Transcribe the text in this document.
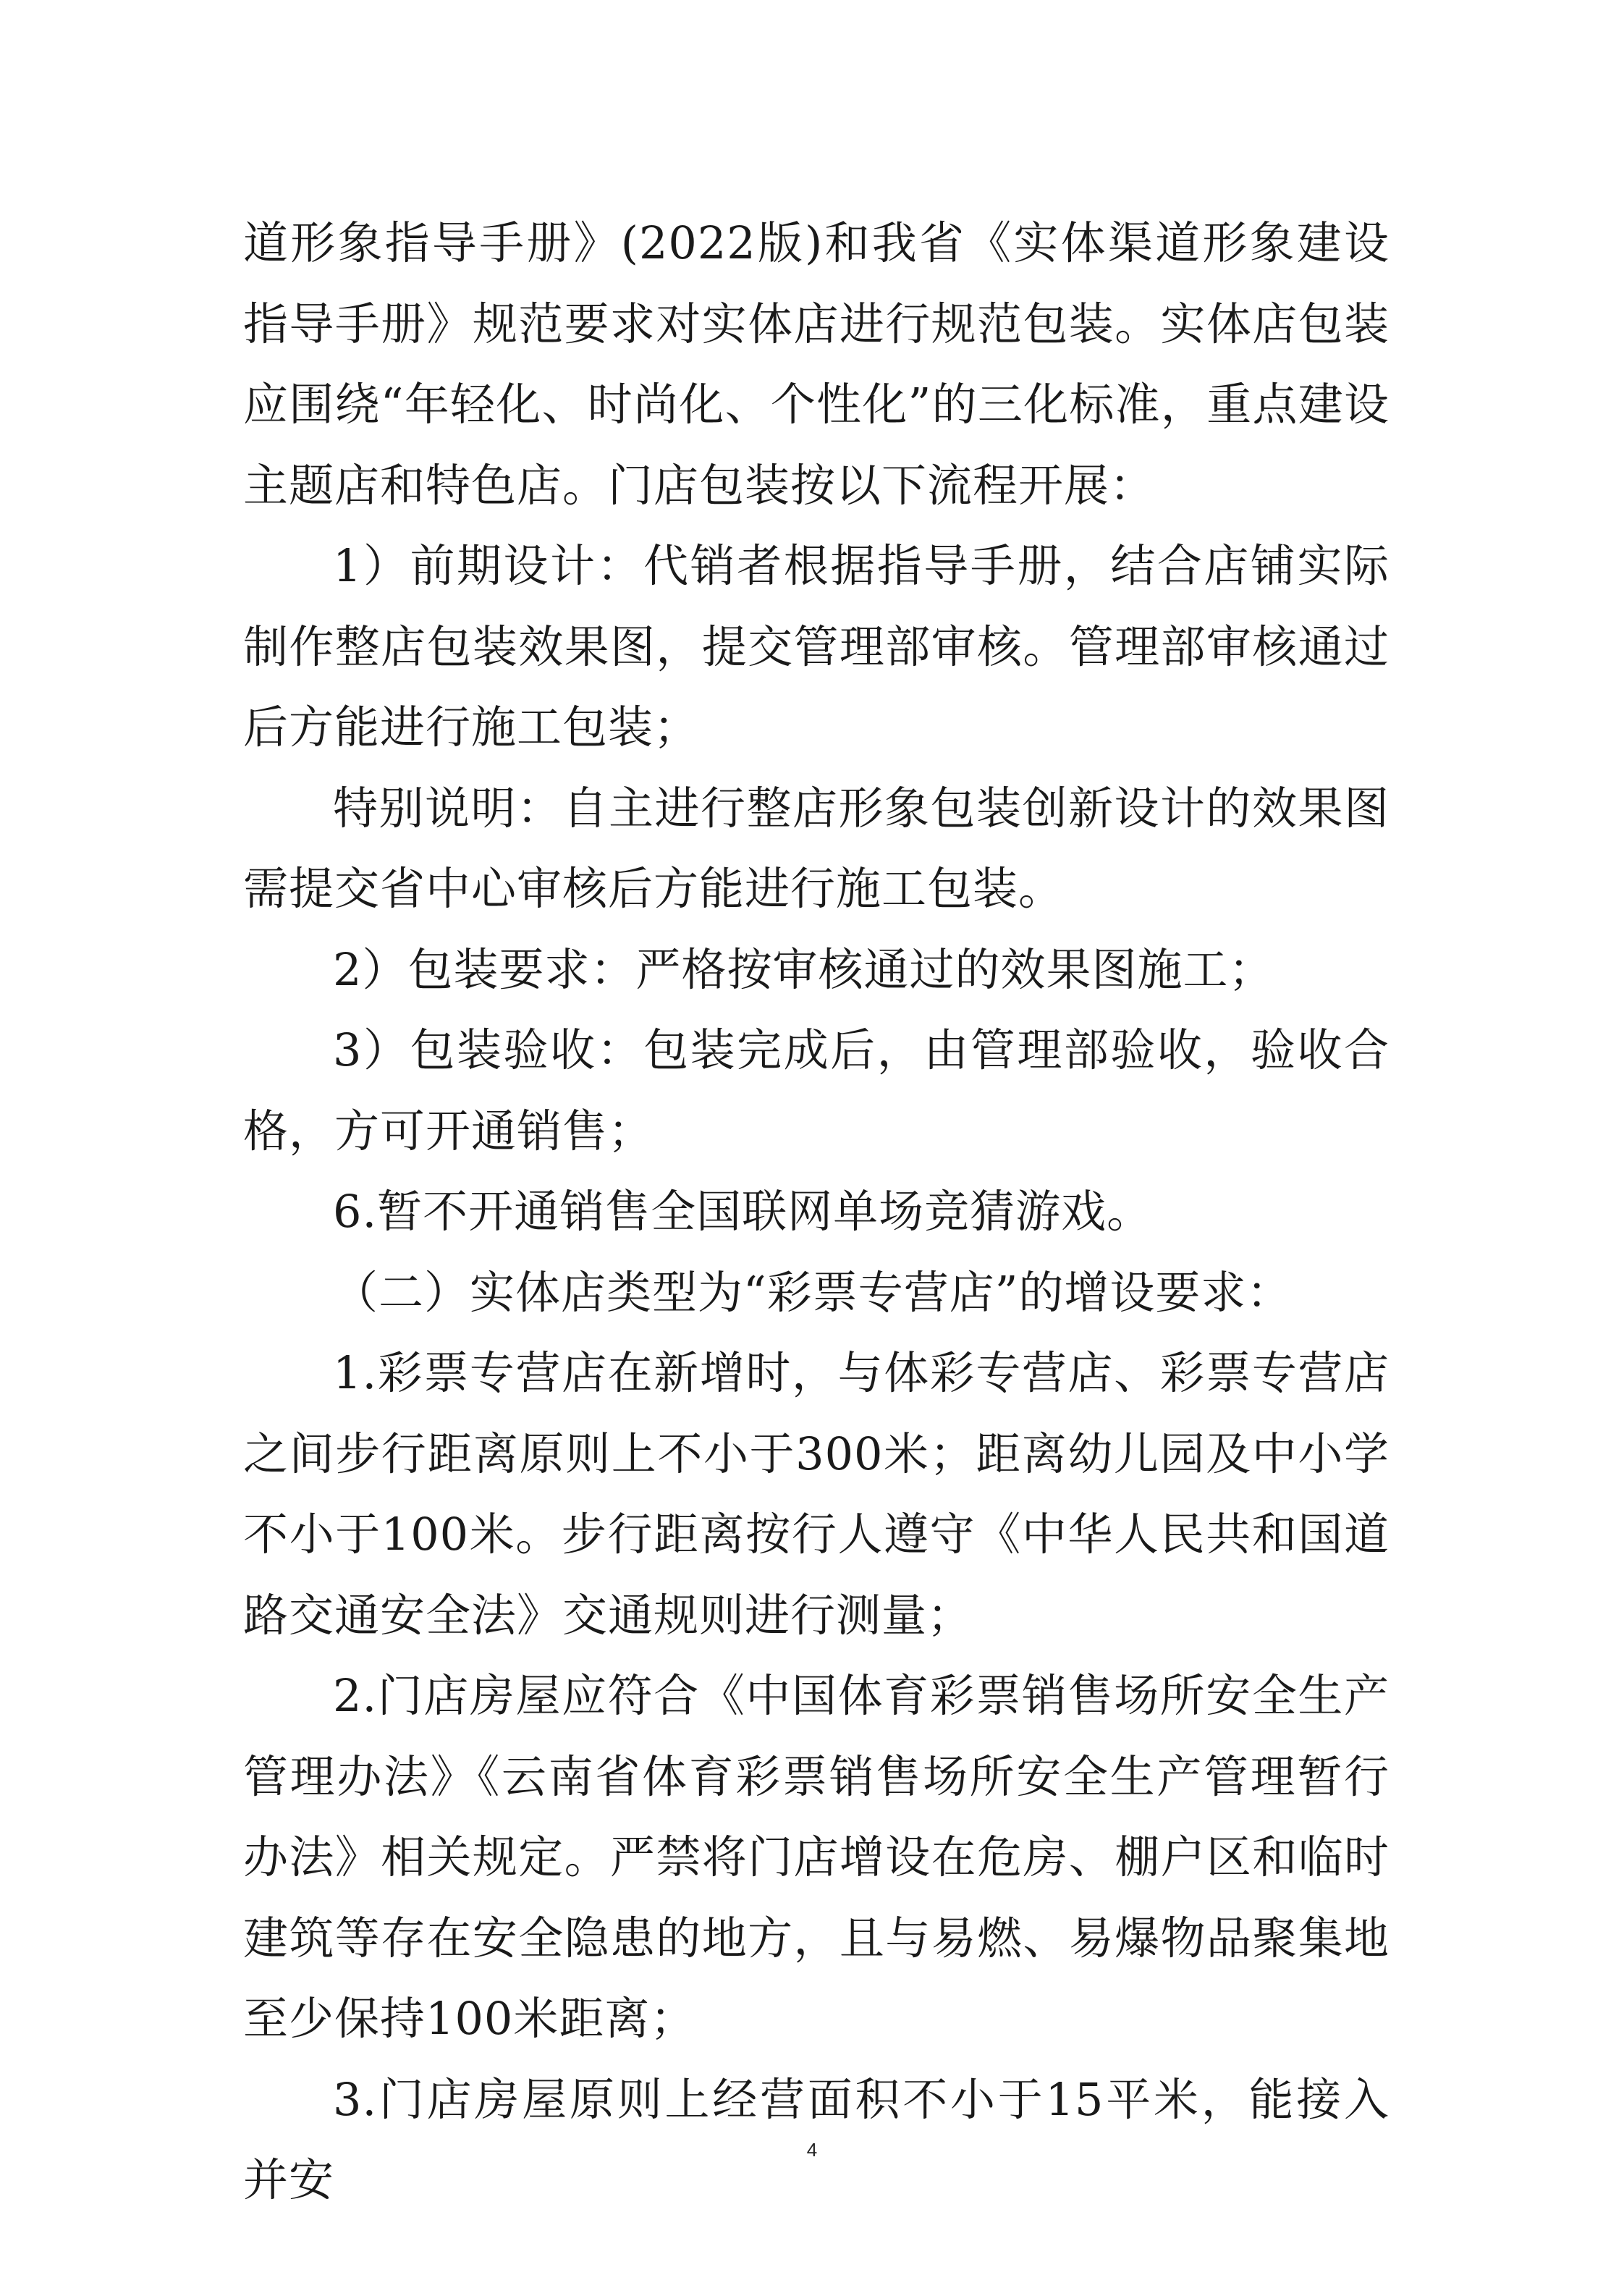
道形象指导手册》(2022版)和我省《实体渠道形象建设指导手册》规范要求对实体店进行规范包装。实体店包装应围绕“年轻化、时尚化、个性化”的三化标准，重点建设主题店和特色店。门店包装按以下流程开展：

1）前期设计：代销者根据指导手册，结合店铺实际制作整店包装效果图，提交管理部审核。管理部审核通过后方能进行施工包装；

特别说明：自主进行整店形象包装创新设计的效果图需提交省中心审核后方能进行施工包装。

2）包装要求：严格按审核通过的效果图施工；

3）包装验收：包装完成后，由管理部验收，验收合格，方可开通销售；

6.暂不开通销售全国联网单场竞猜游戏。

（二）实体店类型为“彩票专营店”的增设要求：

1.彩票专营店在新增时，与体彩专营店、彩票专营店之间步行距离原则上不小于300米；距离幼儿园及中小学不小于100米。步行距离按行人遵守《中华人民共和国道路交通安全法》交通规则进行测量；

2.门店房屋应符合《中国体育彩票销售场所安全生产管理办法》《云南省体育彩票销售场所安全生产管理暂行办法》相关规定。严禁将门店增设在危房、棚户区和临时建筑等存在安全隐患的地方，且与易燃、易爆物品聚集地至少保持100米距离；

3.门店房屋原则上经营面积不小于15平米，能接入并安

4
